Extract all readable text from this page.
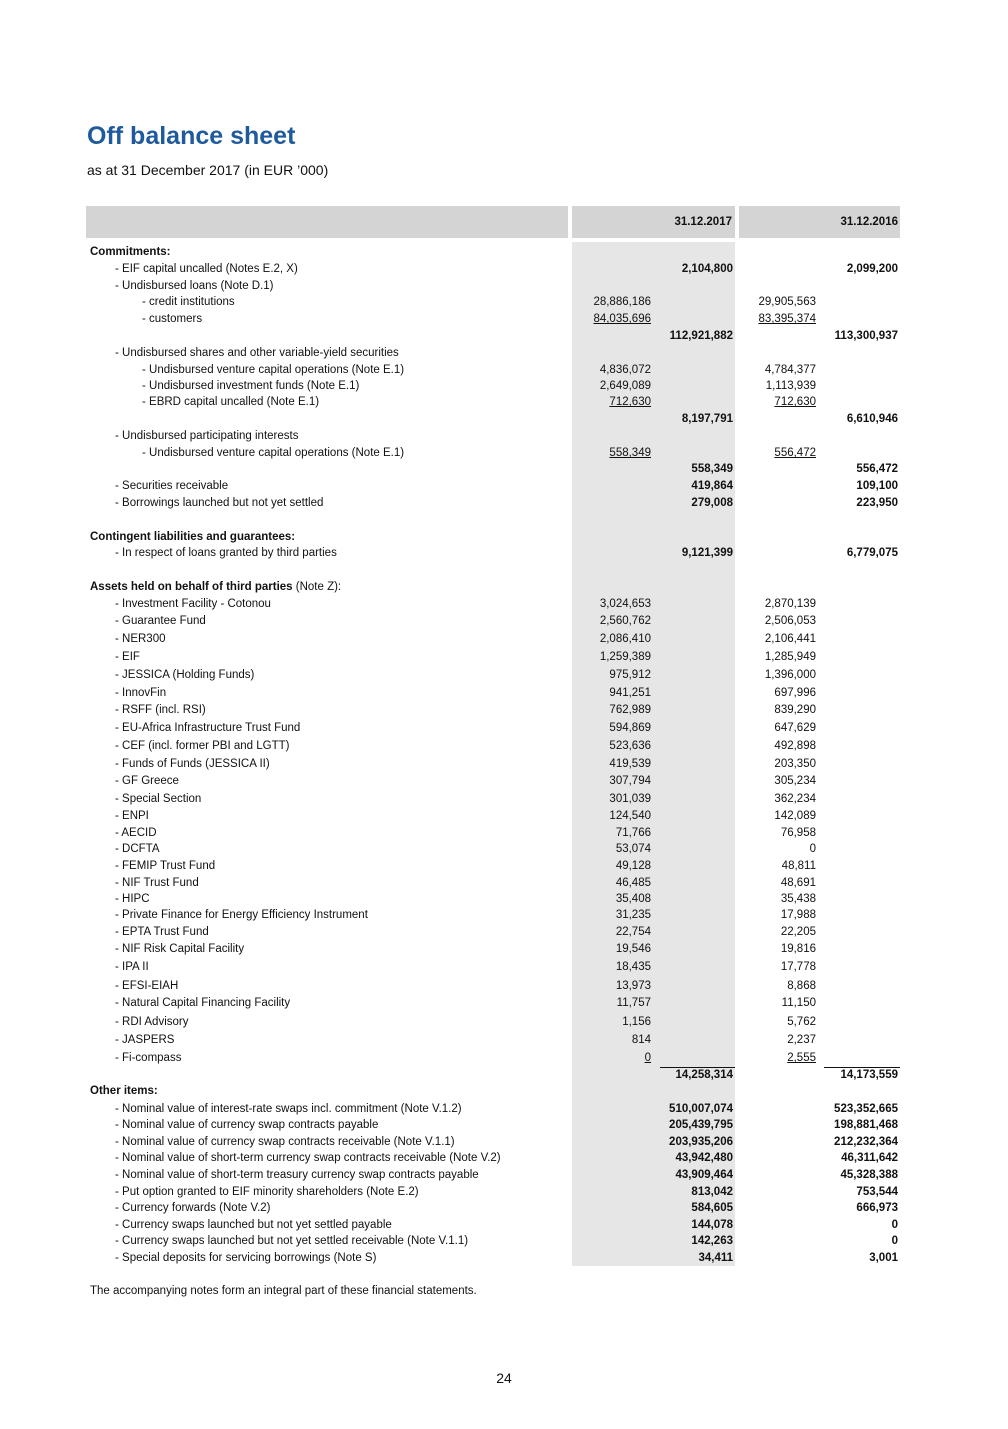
Off balance sheet
as at 31 December 2017 (in EUR ’000)
31.12.2017	31.12.2016
Commitments:
- EIF capital uncalled (Notes E.2, X)	2,104,800	2,099,200
- Undisbursed loans (Note D.1)
- credit institutions	28,886,186	29,905,563
- customers	84,035,696	83,395,374
112,921,882	113,300,937
- Undisbursed shares and other variable-yield securities
- Undisbursed venture capital operations (Note E.1)	4,836,072	4,784,377
- Undisbursed investment funds (Note E.1)	2,649,089	1,113,939
- EBRD capital uncalled (Note E.1)	712,630	712,630
8,197,791	6,610,946
- Undisbursed participating interests
- Undisbursed venture capital operations (Note E.1)	558,349	556,472
558,349	556,472
- Securities receivable	419,864	109,100
- Borrowings launched but not yet settled	279,008	223,950
Contingent liabilities and guarantees:
- In respect of loans granted by third parties	9,121,399	6,779,075
Assets held on behalf of third parties (Note Z):
- Investment Facility - Cotonou	3,024,653	2,870,139
- Guarantee Fund	2,560,762	2,506,053
- NER300	2,086,410	2,106,441
- EIF	1,259,389	1,285,949
- JESSICA (Holding Funds)	975,912	1,396,000
- InnovFin	941,251	697,996
- RSFF (incl. RSI)	762,989	839,290
- EU-Africa Infrastructure Trust Fund	594,869	647,629
- CEF (incl. former PBI and LGTT)	523,636	492,898
- Funds of Funds (JESSICA II)	419,539	203,350
- GF Greece	307,794	305,234
- Special Section	301,039	362,234
- ENPI	124,540	142,089
- AECID	71,766	76,958
- DCFTA	53,074	0
- FEMIP Trust Fund	49,128	48,811
- NIF Trust Fund	46,485	48,691
- HIPC	35,408	35,438
- Private Finance for Energy Efficiency Instrument	31,235	17,988
- EPTA Trust Fund	22,754	22,205
- NIF Risk Capital Facility	19,546	19,816
- IPA II	18,435	17,778
- EFSI-EIAH	13,973	8,868
- Natural Capital Financing Facility	11,757	11,150
- RDI Advisory	1,156	5,762
- JASPERS	814	2,237
- Fi-compass	0	2,555
14,258,314	14,173,559
Other items:
- Nominal value of interest-rate swaps incl. commitment (Note V.1.2)	510,007,074	523,352,665
- Nominal value of currency swap contracts payable	205,439,795	198,881,468
- Nominal value of currency swap contracts receivable (Note V.1.1)	203,935,206	212,232,364
- Nominal value of short-term currency swap contracts receivable (Note V.2)	43,942,480	46,311,642
- Nominal value of short-term treasury currency swap contracts payable	43,909,464	45,328,388
- Put option granted to EIF minority shareholders (Note E.2)	813,042	753,544
- Currency forwards (Note V.2)	584,605	666,973
- Currency swaps launched but not yet settled payable	144,078	0
- Currency swaps launched but not yet settled receivable (Note V.1.1)	142,263	0
- Special deposits for servicing borrowings (Note S)	34,411	3,001
The accompanying notes form an integral part of these financial statements.
24
